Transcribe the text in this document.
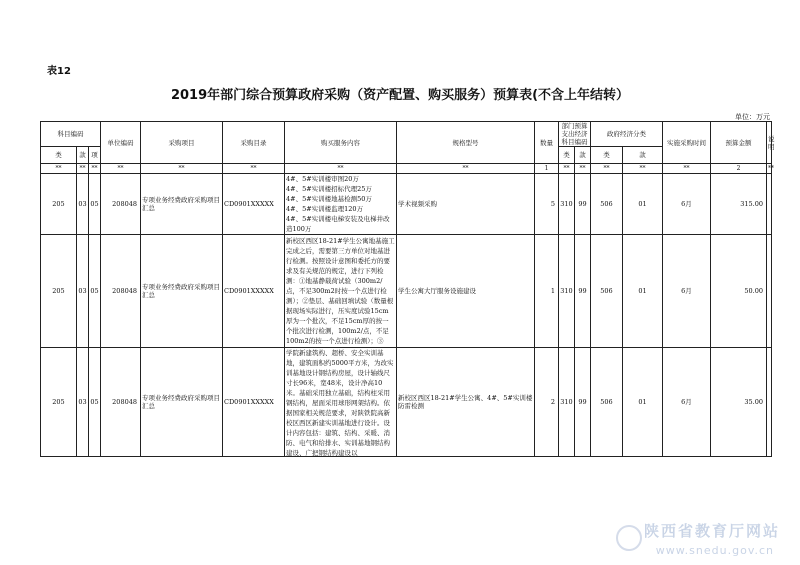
表12
2019年部门综合预算政府采购（资产配置、购买服务）预算表(不含上年结转）
单位：万元
科目编码			单位编码	采购项目	采购目录	购买服务内容	规格型号	数量	部门预算支出经济科目编码		政府经济分类		实施采购时间	预算金额	说明
类	款	项							类	款	类	款			
**	**	**	**	**	**	**	**	1	**	**	**	**	**	2	**
205	03	05	208048	专项业务经费政府采购项目汇总	CD0901XXXXX	4#、5#实训楼审图20万
4#、5#实训楼招标代理25万
4#、5#实训楼地基检测50万
4#、5#实训楼监理120万
4#、5#实训楼电梯安装及电梯井改造100万	学术视频采购	5	310	99	506	01	6月	315.00	
205	03	05	208048	专项业务经费政府采购项目汇总	CD0901XXXXX	新校区西区18-21#学生公寓地基施工完成之后，需要第三方单位对地基进行检测。按照设计意图和委托方的要求及有关规范的规定，进行下列检测：①地基静载荷试验（300m2/点，不足300m2时按一个点进行检测）；②垫层、基础回填试验（数量根据现场实际进行，压实度试验15cm厚为一个批次，不足15cm厚的按一个批次进行检测，100m2/点，不足100m2的按一个点进行检测）；③	学生公寓大厅服务设施建设	1	310	99	506	01	6月	50.00	
205	03	05	208048	专项业务经费政府采购项目汇总	CD0901XXXXX	学院新建筑构、超桥、安全实训基地，建筑面积约5000平方米，为改实训基地设计钢结构房屋，设计轴线尺寸长96米，宽48米，设计净高10米。基础采用独立基础，结构柱采用钢结构，屋面采用球形网架结构。依据国家相关规范要求，对陕铁院高新校区西区新建实训基地进行设计。设计内容包括：建筑、结构、采暖、消防、电气和给排水、实训基地钢结构建设、广把钢结构建设以	新校区西区18-21#学生公寓、4#、5#实训楼防雷检测	2	310	99	506	01	6月	35.00	
陕西省教育厅网站
www.snedu.gov.cn
